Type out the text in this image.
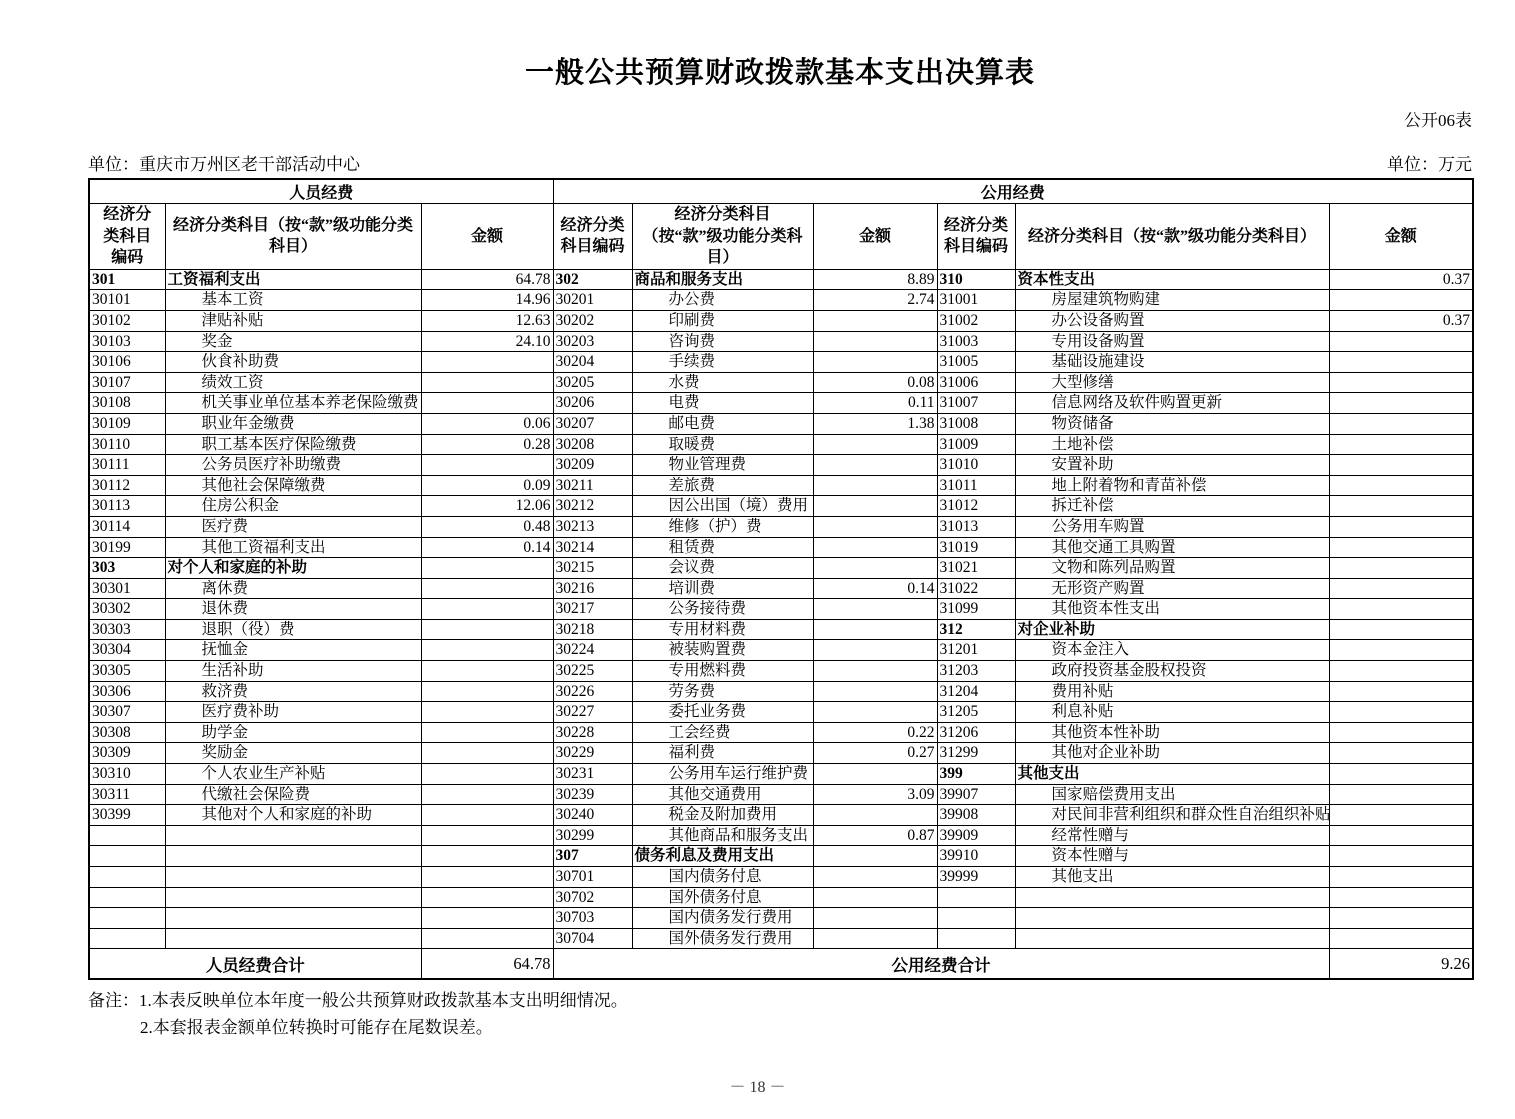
一般公共预算财政拨款基本支出决算表
公开06表
单位：重庆市万州区老干部活动中心	单位：万元
人员经费			公用经费					
经济分类科目编码	经济分类科目（按“款”级功能分类科目）	金额	经济分类科目编码	经济分类科目（按“款”级功能分类科目）	金额	经济分类科目编码	经济分类科目（按“款”级功能分类科目）	金额
301	工资福利支出	64.78	302	商品和服务支出	8.89	310	资本性支出	0.37
30101	基本工资	14.96	30201	办公费	2.74	31001	房屋建筑物购建	
30102	津贴补贴	12.63	30202	印刷费		31002	办公设备购置	0.37
30103	奖金	24.10	30203	咨询费		31003	专用设备购置	
30106	伙食补助费		30204	手续费		31005	基础设施建设	
30107	绩效工资		30205	水费	0.08	31006	大型修缮	
30108	机关事业单位基本养老保险缴费		30206	电费	0.11	31007	信息网络及软件购置更新	
30109	职业年金缴费	0.06	30207	邮电费	1.38	31008	物资储备	
30110	职工基本医疗保险缴费	0.28	30208	取暖费		31009	土地补偿	
30111	公务员医疗补助缴费		30209	物业管理费		31010	安置补助	
30112	其他社会保障缴费	0.09	30211	差旅费		31011	地上附着物和青苗补偿	
30113	住房公积金	12.06	30212	因公出国（境）费用		31012	拆迁补偿	
30114	医疗费	0.48	30213	维修（护）费		31013	公务用车购置	
30199	其他工资福利支出	0.14	30214	租赁费		31019	其他交通工具购置	
303	对个人和家庭的补助		30215	会议费		31021	文物和陈列品购置	
30301	离休费		30216	培训费	0.14	31022	无形资产购置	
30302	退休费		30217	公务接待费		31099	其他资本性支出	
30303	退职（役）费		30218	专用材料费		312	对企业补助	
30304	抚恤金		30224	被装购置费		31201	资本金注入	
30305	生活补助		30225	专用燃料费		31203	政府投资基金股权投资	
30306	救济费		30226	劳务费		31204	费用补贴	
30307	医疗费补助		30227	委托业务费		31205	利息补贴	
30308	助学金		30228	工会经费	0.22	31206	其他资本性补助	
30309	奖励金		30229	福利费	0.27	31299	其他对企业补助	
30310	个人农业生产补贴		30231	公务用车运行维护费		399	其他支出	
30311	代缴社会保险费		30239	其他交通费用	3.09	39907	国家赔偿费用支出	
30399	其他对个人和家庭的补助		30240	税金及附加费用		39908	对民间非营利组织和群众性自治组织补贴	
			30299	其他商品和服务支出	0.87	39909	经常性赠与	
			307	债务利息及费用支出		39910	资本性赠与	
			30701	国内债务付息		39999	其他支出	
			30702	国外债务付息				
			30703	国内债务发行费用				
			30704	国外债务发行费用				
人员经费合计		64.78	公用经费合计					9.26
备注：1.本表反映单位本年度一般公共预算财政拨款基本支出明细情况。
2.本套报表金额单位转换时可能存在尾数误差。
－ 18 －
